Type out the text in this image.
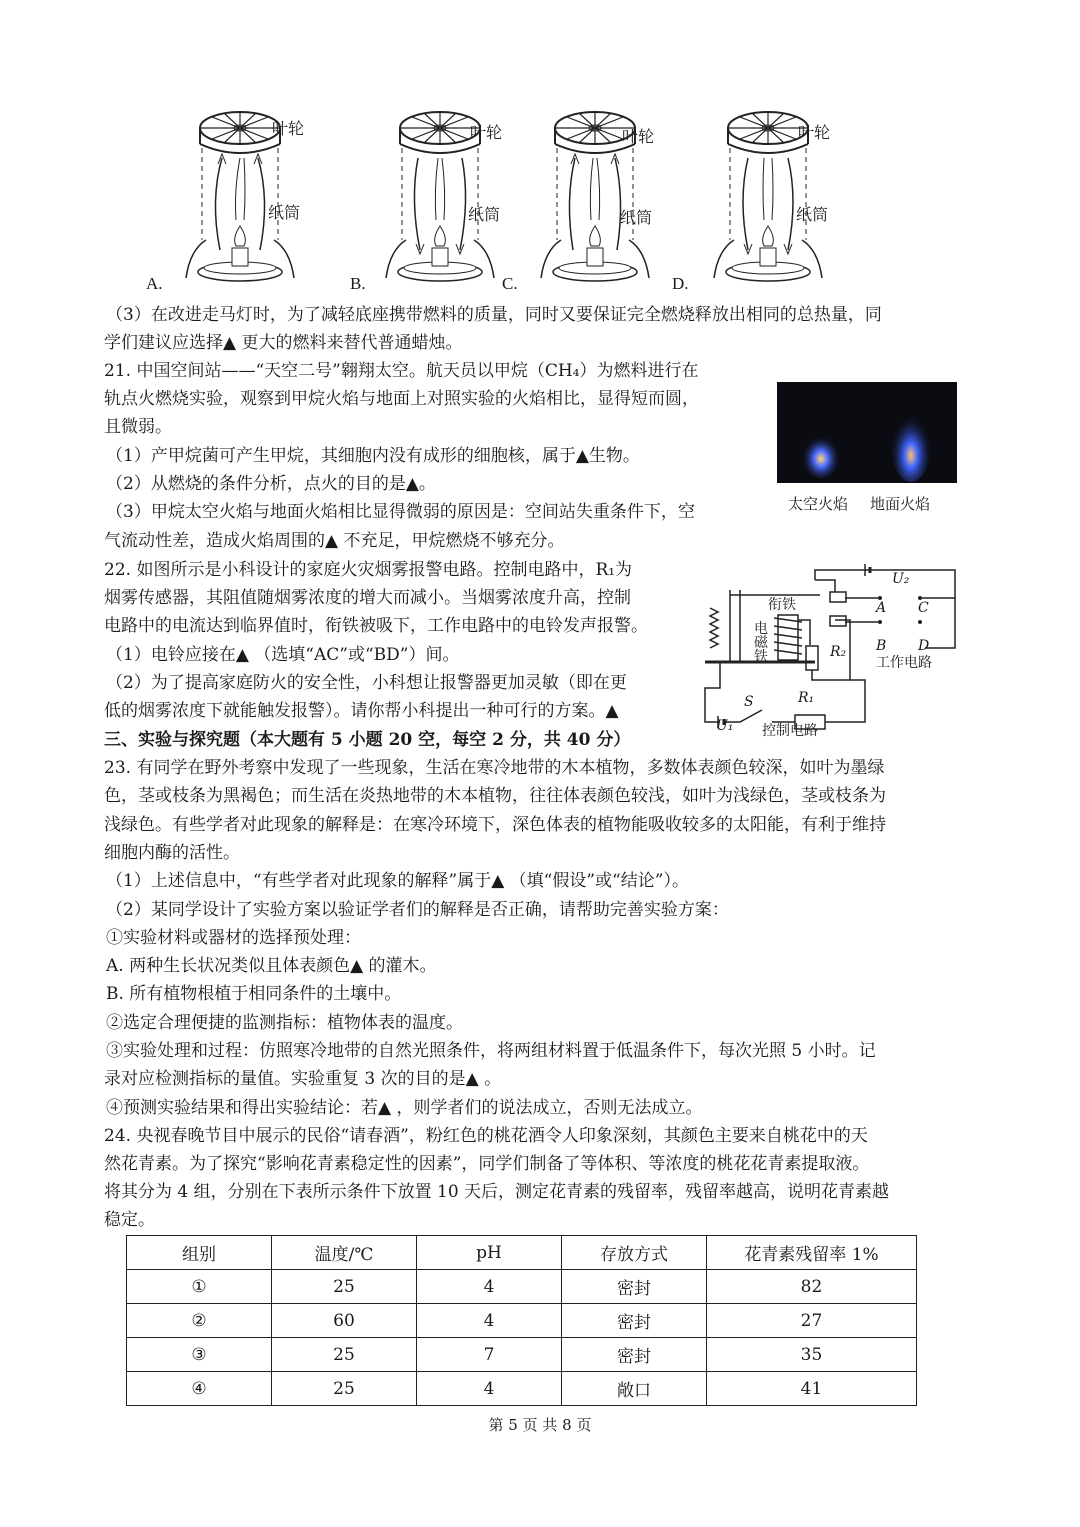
A.	B.	C.	D.
叶轮
纸筒
叶轮
纸筒
叶轮
纸筒
叶轮
纸筒
（3）在改进走马灯时，为了减轻底座携带燃料的质量，同时又要保证完全燃烧释放出相同的总热量，同
学们建议应选择▲ 更大的燃料来替代普通蜡烛。
21. 中国空间站——“天空二号”翱翔太空。航天员以甲烷（CH₄）为燃料进行在
轨点火燃烧实验，观察到甲烷火焰与地面上对照实验的火焰相比，显得短而圆，
且微弱。
（1）产甲烷菌可产生甲烷，其细胞内没有成形的细胞核，属于▲生物。
（2）从燃烧的条件分析，点火的目的是▲。
（3）甲烷太空火焰与地面火焰相比显得微弱的原因是：空间站失重条件下，空
气流动性差，造成火焰周围的▲ 不充足，甲烷燃烧不够充分。
太空火焰 地面火焰
22. 如图所示是小科设计的家庭火灾烟雾报警电路。控制电路中，R₁为
烟雾传感器，其阻值随烟雾浓度的增大而减小。当烟雾浓度升高，控制
电路中的电流达到临界值时，衔铁被吸下，工作电路中的电铃发声报警。
（1）电铃应接在▲ （选填“AC”或“BD”）间。
（2）为了提高家庭防火的安全性，小科想让报警器更加灵敏（即在更
低的烟雾浓度下就能触发报警）。请你帮小科提出一种可行的方案。▲
U₂
衔铁
电
磁
铁
A C
B D
R₂
工作电路
S	R₁
U₁ 控制电路
三、实验与探究题（本大题有 5 小题 20 空，每空 2 分，共 40 分）
23. 有同学在野外考察中发现了一些现象，生活在寒冷地带的木本植物，多数体表颜色较深，如叶为墨绿
色，茎或枝条为黑褐色；而生活在炎热地带的木本植物，往往体表颜色较浅，如叶为浅绿色，茎或枝条为
浅绿色。有些学者对此现象的解释是：在寒冷环境下，深色体表的植物能吸收较多的太阳能，有利于维持
细胞内酶的活性。
（1）上述信息中，“有些学者对此现象的解释”属于▲ （填“假设”或“结论”）。
（2）某同学设计了实验方案以验证学者们的解释是否正确，请帮助完善实验方案：
①实验材料或器材的选择预处理：
A. 两种生长状况类似且体表颜色▲ 的灌木。
B. 所有植物根植于相同条件的土壤中。
②选定合理便捷的监测指标：植物体表的温度。
③实验处理和过程：仿照寒冷地带的自然光照条件，将两组材料置于低温条件下，每次光照 5 小时。记
录对应检测指标的量值。实验重复 3 次的目的是▲ 。
④预测实验结果和得出实验结论：若▲ ，则学者们的说法成立，否则无法成立。
24. 央视春晚节目中展示的民俗“请春酒”，粉红色的桃花酒令人印象深刻，其颜色主要来自桃花中的天
然花青素。为了探究“影响花青素稳定性的因素”，同学们制备了等体积、等浓度的桃花花青素提取液。
将其分为 4 组，分别在下表所示条件下放置 10 天后，测定花青素的残留率，残留率越高，说明花青素越
稳定。
组别	温度/℃	pH	存放方式	花青素残留率 1%
①	25	4	密封	82
②	60	4	密封	27
③	25	7	密封	35
④	25	4	敞口	41
第 5 页 共 8 页
